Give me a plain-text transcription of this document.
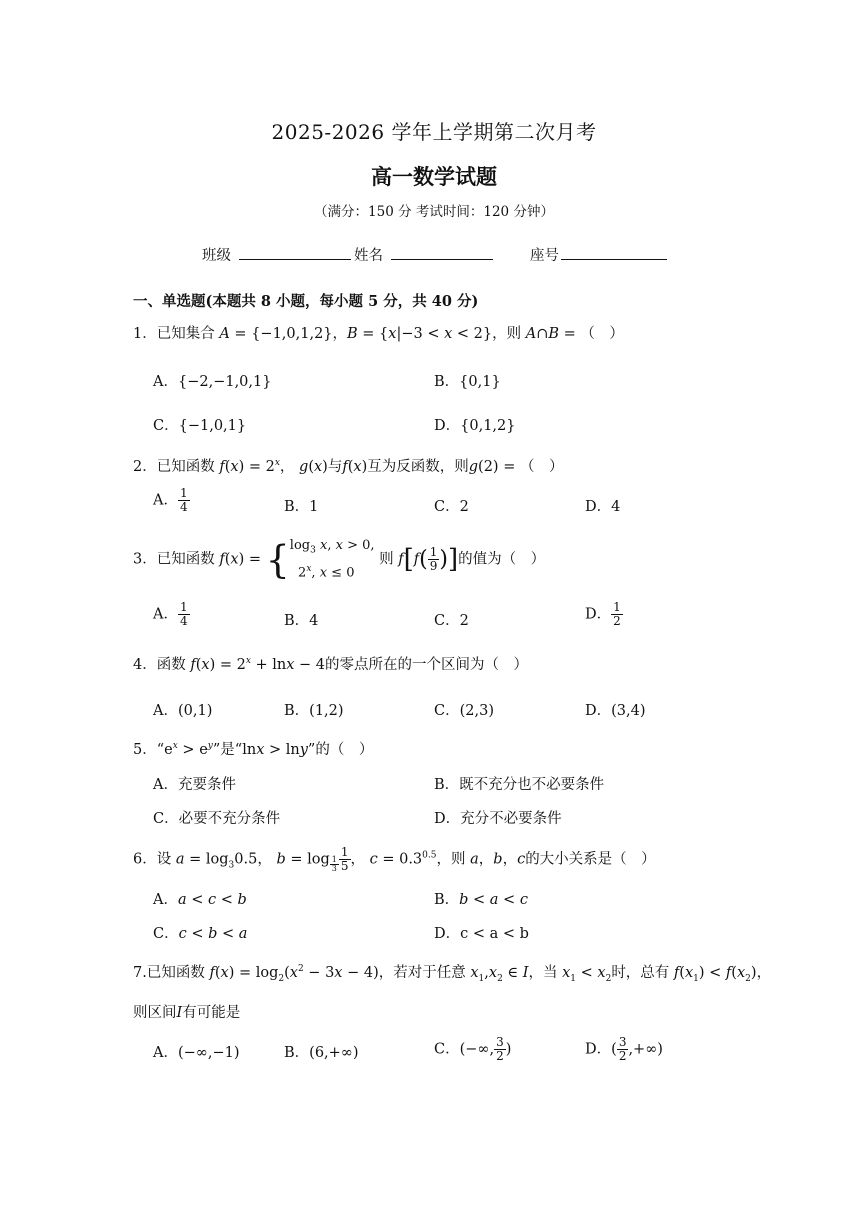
2025-2026 学年上学期第二次月考
高一数学试题
（满分：150 分 考试时间：120 分钟）
班级	姓名	座号
一、单选题(本题共 8 小题，每小题 5 分，共 40 分)
1．已知集合 A = {−1,0,1,2}，B = {x|−3 < x < 2}，则 A∩B = （　）
A．{−2,−1,0,1}	B．{0,1}
C．{−1,0,1}	D．{0,1,2}
2．已知函数 $f(x) = 2^x$， g(x)与f(x)互为反函数，则g(2) = （　）
A． $\frac{1}{4}$	B．1	C．2	D．4
3．已知函数 $f(x) = \{\log_3$ x, x > 0,
2$^x$, x ≤ 0 则 $f[f( \frac{1}{9}$ )]的值为（　）
A． $\frac{1}{4}$	B．4	C．2	D． $\frac{1}{2}$
4．函数 $f(x) = 2^x + \ln x - 4$的零点所在的一个区间为（　）
A．(0,1)	B．(1,2)	C．(2,3)	D．(3,4)
5．“$e^x > e^y$”是“lnx > lny”的（　）
A．充要条件	B．既不充分也不必要条件
C．必要不充分条件	D．充分不必要条件
6．设 $a = \log_30.5$， $b = \log _{\frac{1}{3}} \frac{1}{5}$ ， $c = 0.3^{0.5}$，则 a，b，c的大小关系是（　）
A．a < c < b	B．b < a < c
C．c < b < a	D．c < a < b
7.已知函数 $f(x) = \log_2(x^2 - 3x - 4)$，若对于任意 $x_1,x_2$ ∈ I，当 $x_1 < x_2$时，总有 $f(x_1) < f(x_2)$，
则区间I有可能是
A．(−∞,−1)	B．(6,+∞)	C．(−∞, $\frac{3}{2}$ )	D．( $\frac{3}{2}$ ,+∞)
